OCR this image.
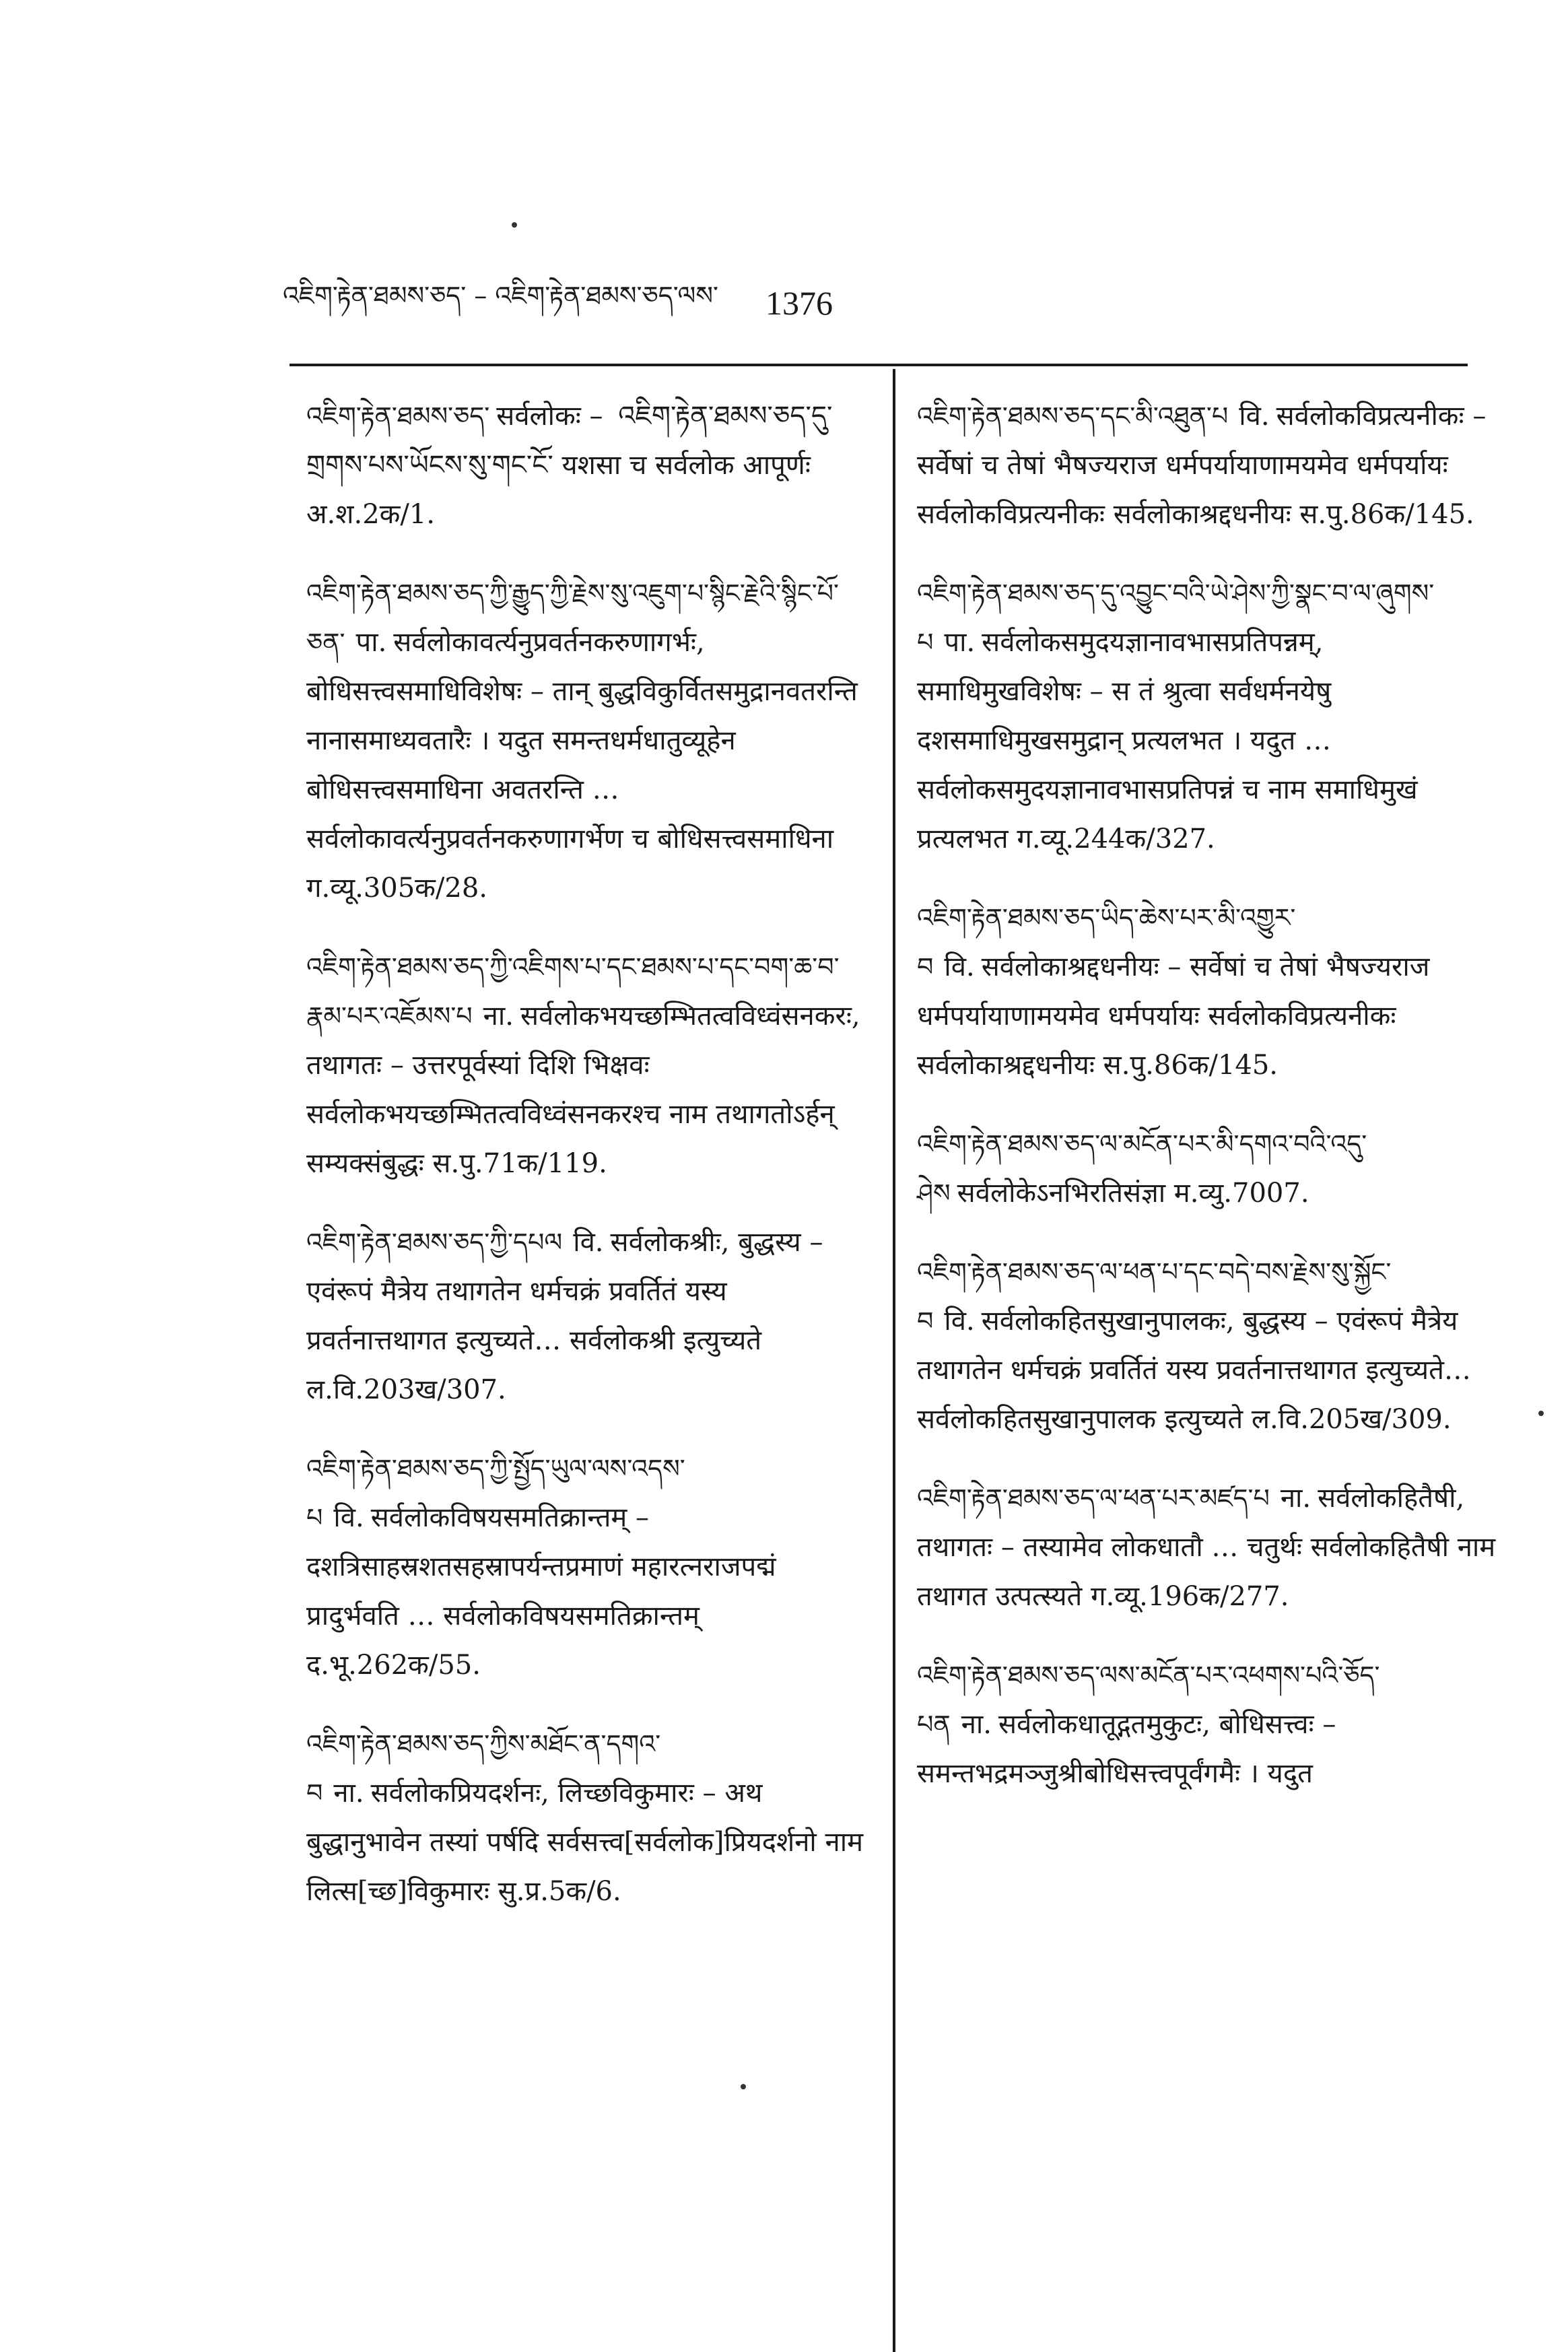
འཇིག་རྟེན་ཐམས་ཅད་ – འཇིག་རྟེན་ཐམས་ཅད་ལས་ 1376

འཇིག་རྟེན་ཐམས་ཅད་ सर्वलोकः – འཇིག་རྟེན་ཐམས་ཅད་དུ་གྲགས་པས་ཡོངས་སུ་གང་ངོ་ यशसा च सर्वलोक आपूर्णः अ.श.2क/1.

འཇིག་རྟེན་ཐམས་ཅད་ཀྱི་རྒྱུད་ཀྱི་རྗེས་སུ་འཇུག་པ་སྙིང་རྗེའི་སྙིང་པོ་ཅན་ पा. सर्वलोकावर्त्यनुप्रवर्तनकरुणागर्भः, बोधिसत्त्वसमाधिविशेषः – तान् बुद्धविकुर्वितसमुद्रानवतरन्ति नानासमाध्यवतारैः । यदुत समन्तधर्मधातुव्यूहेन बोधिसत्त्वसमाधिना अवतरन्ति … सर्वलोकावर्त्यनुप्रवर्तनकरुणागर्भेण च बोधिसत्त्वसमाधिना ग.व्यू.305क/28.

འཇིག་རྟེན་ཐམས་ཅད་ཀྱི་འཇིགས་པ་དང་ཐམས་པ་དང་བག་ཆ་བ་རྣམ་པར་འཇོམས་པ ना. सर्वलोकभयच्छम्भितत्वविध्वंसनकरः, तथागतः – उत्तरपूर्वस्यां दिशि भिक्षवः सर्वलोकभयच्छम्भितत्वविध्वंसनकरश्च नाम तथागतोऽर्हन् सम्यक्संबुद्धः स.पु.71क/119.

འཇིག་རྟེན་ཐམས་ཅད་ཀྱི་དཔལ वि. सर्वलोकश्रीः, बुद्धस्य – एवंरूपं मैत्रेय तथागतेन धर्मचक्रं प्रवर्तितं यस्य प्रवर्तनात्तथागत इत्युच्यते… सर्वलोकश्री इत्युच्यते ल.वि.203ख/307.

འཇིག་རྟེན་ཐམས་ཅད་ཀྱི་སྤྱོད་ཡུལ་ལས་འདས་པ वि. सर्वलोकविषयसमतिक्रान्तम् – दशत्रिसाहस्रशतसहस्रापर्यन्तप्रमाणं महारत्नराजपद्मं प्रादुर्भवति … सर्वलोकविषयसमतिक्रान्तम् द.भू.262क/55.

འཇིག་རྟེན་ཐམས་ཅད་ཀྱིས་མཐོང་ན་དགའ་བ ना. सर्वलोकप्रियदर्शनः, लिच्छविकुमारः – अथ बुद्धानुभावेन तस्यां पर्षदि सर्वसत्त्व[सर्वलोक]प्रियदर्शनो नाम लित्स[च्छ]विकुमारः सु.प्र.5क/6.

འཇིག་རྟེན་ཐམས་ཅད་དང་མི་འཐུན་པ वि. सर्वलोकविप्रत्यनीकः – सर्वेषां च तेषां भैषज्यराज धर्मपर्यायाणामयमेव धर्मपर्यायः सर्वलोकविप्रत्यनीकः सर्वलोकाश्रद्दधनीयः स.पु.86क/145.

འཇིག་རྟེན་ཐམས་ཅད་དུ་འབྱུང་བའི་ཡེ་ཤེས་ཀྱི་སྣང་བ་ལ་ཞུགས་པ पा. सर्वलोकसमुदयज्ञानावभासप्रतिपन्नम्, समाधिमुखविशेषः – स तं श्रुत्वा सर्वधर्मनयेषु दशसमाधिमुखसमुद्रान् प्रत्यलभत । यदुत … सर्वलोकसमुदयज्ञानावभासप्रतिपन्नं च नाम समाधिमुखं प्रत्यलभत ग.व्यू.244क/327.

འཇིག་རྟེན་ཐམས་ཅད་ཡིད་ཆེས་པར་མི་འགྱུར་བ वि. सर्वलोकाश्रद्दधनीयः – सर्वेषां च तेषां भैषज्यराज धर्मपर्यायाणामयमेव धर्मपर्यायः सर्वलोकविप्रत्यनीकः सर्वलोकाश्रद्दधनीयः स.पु.86क/145.

འཇིག་རྟེན་ཐམས་ཅད་ལ་མངོན་པར་མི་དགའ་བའི་འདུ་ཤེས सर्वलोकेऽनभिरतिसंज्ञा म.व्यु.7007.

འཇིག་རྟེན་ཐམས་ཅད་ལ་ཕན་པ་དང་བདེ་བས་རྗེས་སུ་སྐྱོང་བ वि. सर्वलोकहितसुखानुपालकः, बुद्धस्य – एवंरूपं मैत्रेय तथागतेन धर्मचक्रं प्रवर्तितं यस्य प्रवर्तनात्तथागत इत्युच्यते… सर्वलोकहितसुखानुपालक इत्युच्यते ल.वि.205ख/309.

འཇིག་རྟེན་ཐམས་ཅད་ལ་ཕན་པར་མཛད་པ ना. सर्वलोकहितैषी, तथागतः – तस्यामेव लोकधातौ … चतुर्थः सर्वलोकहितैषी नाम तथागत उत्पत्स्यते ग.व्यू.196क/277.

འཇིག་རྟེན་ཐམས་ཅད་ལས་མངོན་པར་འཕགས་པའི་ཅོད་པན ना. सर्वलोकधातूद्गतमुकुटः, बोधिसत्त्वः – समन्तभद्रमञ्जुश्रीबोधिसत्त्वपूर्वंगमैः । यदुत
